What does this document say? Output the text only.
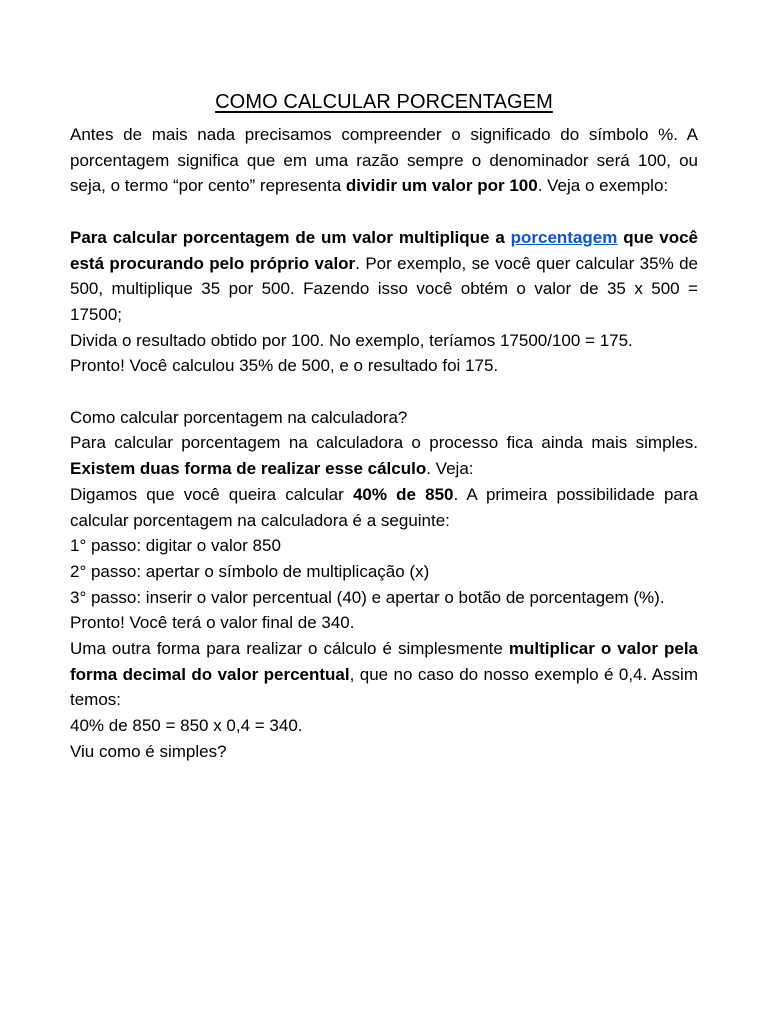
COMO CALCULAR PORCENTAGEM

Antes de mais nada precisamos compreender o significado do símbolo %. A porcentagem significa que em uma razão sempre o denominador será 100, ou seja, o termo “por cento” representa dividir um valor por 100. Veja o exemplo:

Para calcular porcentagem de um valor multiplique a porcentagem que você está procurando pelo próprio valor. Por exemplo, se você quer calcular 35% de 500, multiplique 35 por 500. Fazendo isso você obtém o valor de 35 x 500 = 17500;

Divida o resultado obtido por 100. No exemplo, teríamos 17500/100 = 175.

Pronto! Você calculou 35% de 500, e o resultado foi 175.

Como calcular porcentagem na calculadora?

Para calcular porcentagem na calculadora o processo fica ainda mais simples. Existem duas forma de realizar esse cálculo. Veja:

Digamos que você queira calcular 40% de 850. A primeira possibilidade para calcular porcentagem na calculadora é a seguinte:

1° passo: digitar o valor 850

2° passo: apertar o símbolo de multiplicação (x)

3° passo: inserir o valor percentual (40) e apertar o botão de porcentagem (%).

Pronto! Você terá o valor final de 340.

Uma outra forma para realizar o cálculo é simplesmente multiplicar o valor pela forma decimal do valor percentual, que no caso do nosso exemplo é 0,4. Assim temos:

40% de 850 = 850 x 0,4 = 340.

Viu como é simples?
